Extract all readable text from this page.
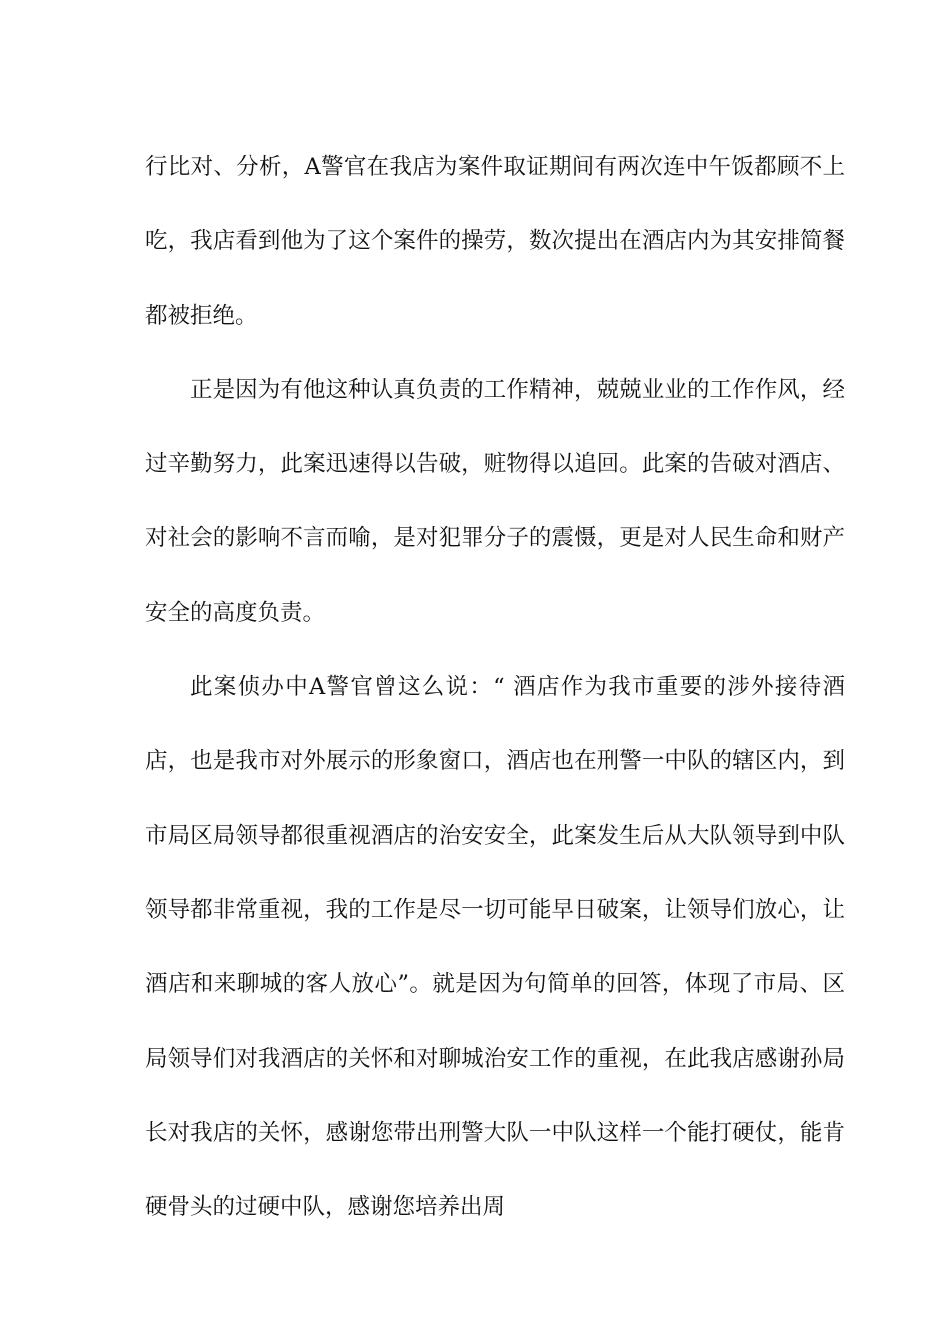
行比对、分析，A警官在我店为案件取证期间有两次连中午饭都顾不上吃，我店看到他为了这个案件的操劳，数次提出在酒店内为其安排简餐都被拒绝。

正是因为有他这种认真负责的工作精神，兢兢业业的工作作风，经过辛勤努力，此案迅速得以告破，赃物得以追回。此案的告破对酒店、对社会的影响不言而喻，是对犯罪分子的震慑，更是对人民生命和财产安全的高度负责。

此案侦办中A警官曾这么说：“ 酒店作为我市重要的涉外接待酒店，也是我市对外展示的形象窗口，酒店也在刑警一中队的辖区内，到市局区局领导都很重视酒店的治安安全，此案发生后从大队领导到中队领导都非常重视，我的工作是尽一切可能早日破案，让领导们放心，让酒店和来聊城的客人放心”。就是因为句简单的回答，体现了市局、区局领导们对我酒店的关怀和对聊城治安工作的重视，在此我店感谢孙局长对我店的关怀，感谢您带出刑警大队一中队这样一个能打硬仗，能肯硬骨头的过硬中队，感谢您培养出周
